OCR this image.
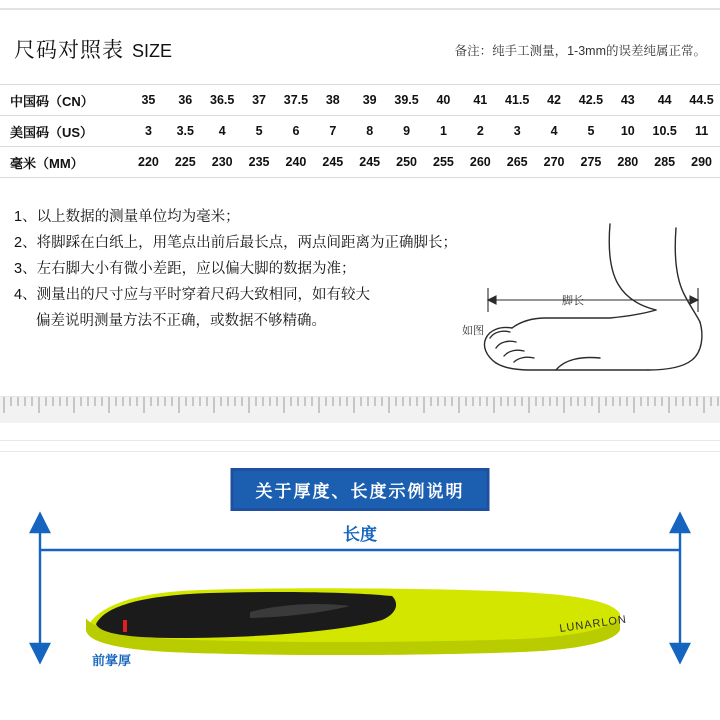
尺码对照表 SIZE	备注：纯手工测量，1-3mm的误差纯属正常。
中国码（CN）	35	36	36.5	37	37.5	38	39	39.5	40	41	41.5	42	42.5	43	44	44.5
美国码（US）	3	3.5	4	5	6	7	8	9	1	2	3	4	5	10	10.5	11
毫米（MM）	220	225	230	235	240	245	245	250	255	260	265	270	275	280	285	290
1、以上数据的测量单位均为毫米；
2、将脚踩在白纸上，用笔点出前后最长点，两点间距离为正确脚长；
3、左右脚大小有微小差距，应以偏大脚的数据为准；
4、测量出的尺寸应与平时穿着尺码大致相同，如有较大
偏差说明测量方法不正确，或数据不够精确。
脚长
如图
关于厚度、长度示例说明
长度
前掌厚
LUNARLON
